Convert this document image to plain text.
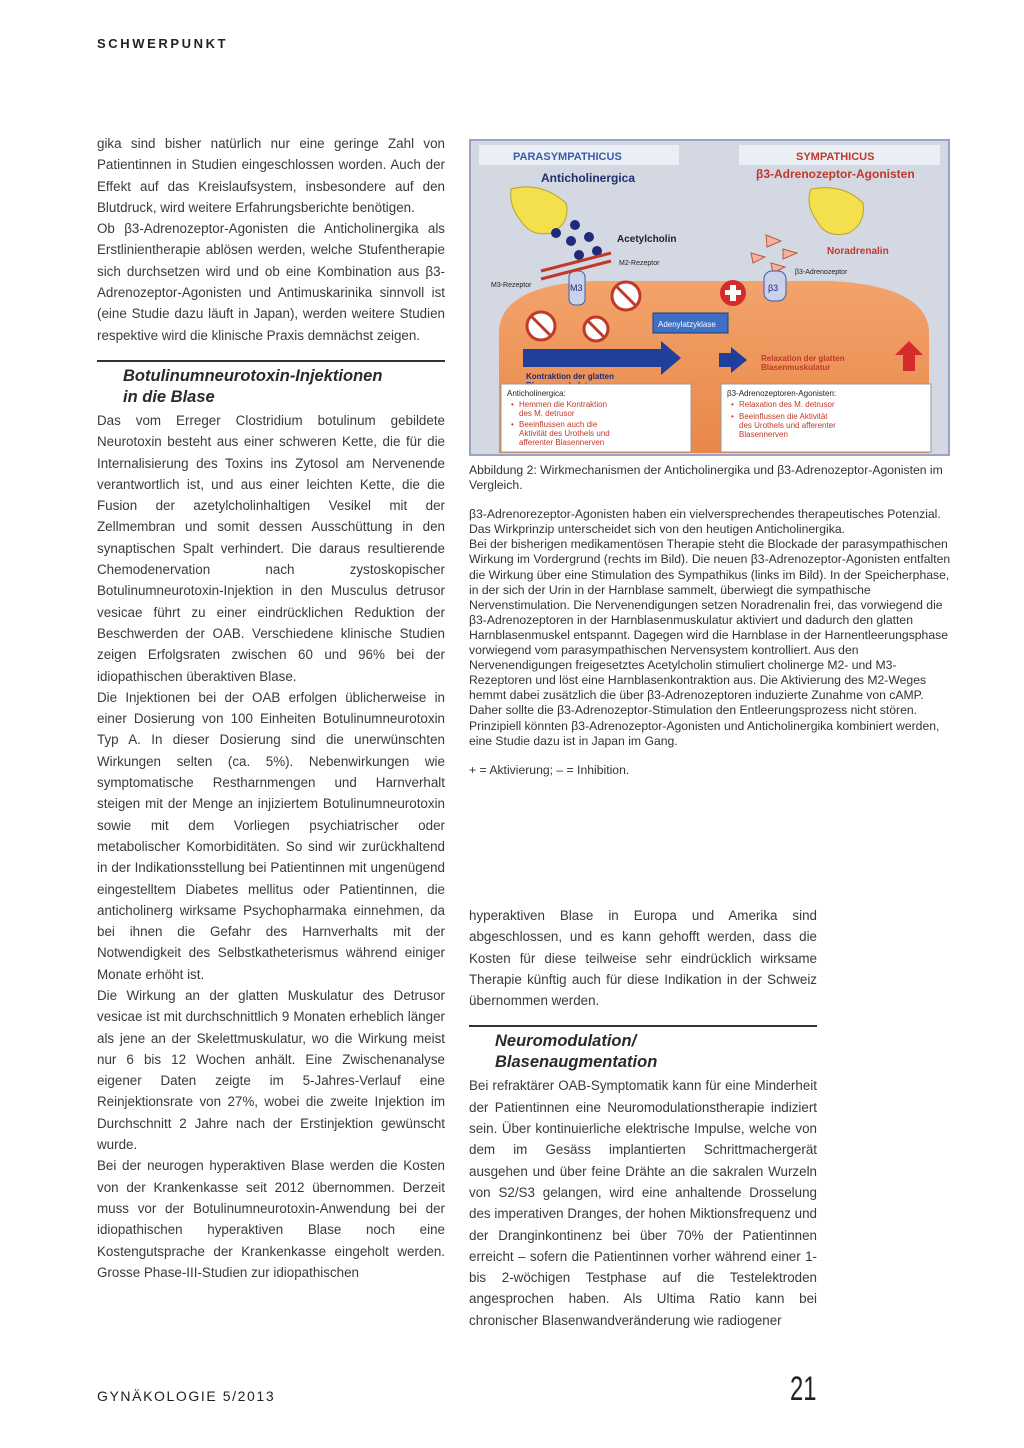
SCHWERPUNKT

gika sind bisher natürlich nur eine geringe Zahl von Patientinnen in Studien eingeschlossen worden. Auch der Effekt auf das Kreislaufsystem, insbesondere auf den Blutdruck, wird weitere Erfahrungsberichte benötigen.

Ob β3-Adrenozeptor-Agonisten die Anticholinergika als Erstlinientherapie ablösen werden, welche Stufentherapie sich durchsetzen wird und ob eine Kombination aus β3-Adrenozeptor-Agonisten und Antimuskarinika sinnvoll ist (eine Studie dazu läuft in Japan), werden weitere Studien respektive wird die klinische Praxis demnächst zeigen.

Botulinumneurotoxin-Injektionen
in die Blase

Das vom Erreger Clostridium botulinum gebildete Neurotoxin besteht aus einer schweren Kette, die für die Internalisierung des Toxins ins Zytosol am Nervenende verantwortlich ist, und aus einer leichten Kette, die die Fusion der azetylcholinhaltigen Vesikel mit der Zellmembran und somit dessen Ausschüttung in den synaptischen Spalt verhindert. Die daraus resultierende Chemodenervation nach zystoskopischer Botulinumneurotoxin-Injektion in den Musculus detrusor vesicae führt zu einer eindrücklichen Reduktion der Beschwerden der OAB. Verschiedene klinische Studien zeigen Erfolgsraten zwischen 60 und 96% bei der idiopathischen überaktiven Blase.

Die Injektionen bei der OAB erfolgen üblicherweise in einer Dosierung von 100 Einheiten Botulinumneurotoxin Typ A. In dieser Dosierung sind die unerwünschten Wirkungen selten (ca. 5%). Nebenwirkungen wie symptomatische Restharnmengen und Harnverhalt steigen mit der Menge an injiziertem Botulinumneurotoxin sowie mit dem Vorliegen psychiatrischer oder metabolischer Komorbiditäten. So sind wir zurückhaltend in der Indikationsstellung bei Patientinnen mit ungenügend eingestelltem Diabetes mellitus oder Patientinnen, die anticholinerg wirksame Psychopharmaka einnehmen, da bei ihnen die Gefahr des Harnverhalts mit der Notwendigkeit des Selbstkatheterismus während einiger Monate erhöht ist.

Die Wirkung an der glatten Muskulatur des Detrusor vesicae ist mit durchschnittlich 9 Monaten erheblich länger als jene an der Skelettmuskulatur, wo die Wirkung meist nur 6 bis 12 Wochen anhält. Eine Zwischenanalyse eigener Daten zeigte im 5-Jahres-Verlauf eine Reinjektionsrate von 27%, wobei die zweite Injektion im Durchschnitt 2 Jahre nach der Erstinjektion gewünscht wurde.

Bei der neurogen hyperaktiven Blase werden die Kosten von der Krankenkasse seit 2012 übernommen. Derzeit muss vor der Botulinumneurotoxin-Anwendung bei der idiopathischen hyperaktiven Blase noch eine Kostengutsprache der Krankenkasse eingeholt werden. Grosse Phase-III-Studien zur idiopathischen

PARASYMPATHICUS	SYMPATHICUS
Anticholinergica	β3-Adrenozeptor-Agonisten
Acetylcholin
Noradrenalin
M3-Rezeptor	M3
M2-Rezeptor
β3
β3-Adrenozeptor
Adenylatzyklase
Kontraktion der glatten
Relaxation der glatten
Blasenmuskulatur
Anticholinergica:
• Hemmen die Kontraktion
des M. detrusor
• Beeinflussen auch die
Aktivität des Urothels und
afferenter Blasennerven
β3-Adrenozeptoren-Agonisten:
• Relaxation des M. detrusor
• Beeinflussen die Aktivität
des Urothels und afferenter
Blasennerven

Abbildung 2: Wirkmechanismen der Anticholinergika und β3-Adrenozeptor-Agonisten im Vergleich.

β3-Adrenorezeptor-Agonisten haben ein vielversprechendes therapeutisches Potenzial. Das Wirkprinzip unterscheidet sich von den heutigen Anticholinergika.

Bei der bisherigen medikamentösen Therapie steht die Blockade der parasympathischen Wirkung im Vordergrund (rechts im Bild). Die neuen β3-Adrenozeptor-Agonisten entfalten die Wirkung über eine Stimulation des Sympathikus (links im Bild). In der Speicherphase, in der sich der Urin in der Harnblase sammelt, überwiegt die sympathische Nervenstimulation. Die Nervenendigungen setzen Noradrenalin frei, das vorwiegend die β3-Adrenozeptoren in der Harnblasenmuskulatur aktiviert und dadurch den glatten Harnblasenmuskel entspannt. Dagegen wird die Harnblase in der Harnentleerungsphase vorwiegend vom parasympathischen Nervensystem kontrolliert. Aus den Nervenendigungen freigesetztes Acetylcholin stimuliert cholinerge M2- und M3-Rezeptoren und löst eine Harnblasenkontraktion aus. Die Aktivierung des M2-Weges hemmt dabei zusätzlich die über β3-Adrenozeptoren induzierte Zunahme von cAMP. Daher sollte die β3-Adrenozeptor-Stimulation den Entleerungsprozess nicht stören. Prinzipiell könnten β3-Adrenozeptor-Agonisten und Anticholinergika kombiniert werden, eine Studie dazu ist in Japan im Gang.

+ = Aktivierung; – = Inhibition.

hyperaktiven Blase in Europa und Amerika sind abgeschlossen, und es kann gehofft werden, dass die Kosten für diese teilweise sehr eindrücklich wirksame Therapie künftig auch für diese Indikation in der Schweiz übernommen werden.

Neuromodulation/
Blasenaugmentation

Bei refraktärer OAB-Symptomatik kann für eine Minderheit der Patientinnen eine Neuromodulationstherapie indiziert sein. Über kontinuierliche elektrische Impulse, welche von dem im Gesäss implantierten Schrittmachergerät ausgehen und über feine Drähte an die sakralen Wurzeln von S2/S3 gelangen, wird eine anhaltende Drosselung des imperativen Dranges, der hohen Miktionsfrequenz und der Dranginkontinenz bei über 70% der Patientinnen erreicht – sofern die Patientinnen vorher während einer 1- bis 2-wöchigen Testphase auf die Testelektroden angesprochen haben. Als Ultima Ratio kann bei chronischer Blasenwandveränderung wie radiogener

GYNÄKOLOGIE 5/2013	21
